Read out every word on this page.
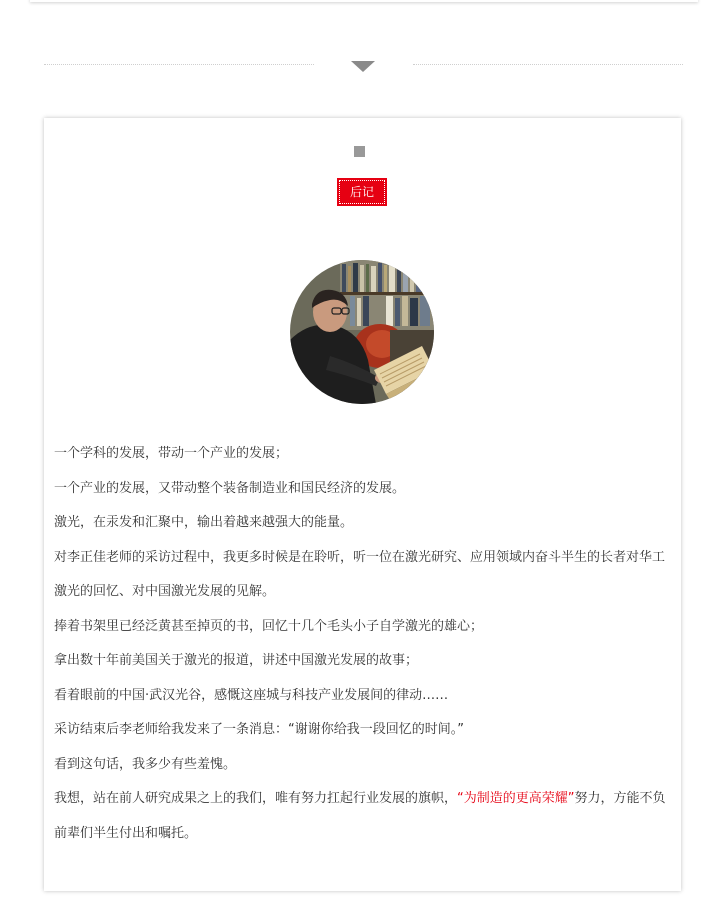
后记

一个学科的发展，带动一个产业的发展；

一个产业的发展，又带动整个装备制造业和国民经济的发展。

激光，在汞发和汇聚中，输出着越来越强大的能量。

对李正佳老师的采访过程中，我更多时候是在聆听，听一位在激光研究、应用领域内奋斗半生的长者对华工激光的回忆、对中国激光发展的见解。

捧着书架里已经泛黄甚至掉页的书，回忆十几个毛头小子自学激光的雄心；

拿出数十年前美国关于激光的报道，讲述中国激光发展的故事；

看着眼前的中国·武汉光谷，感慨这座城与科技产业发展间的律动……

采访结束后李老师给我发来了一条消息：“谢谢你给我一段回忆的时间。”

看到这句话，我多少有些羞愧。

我想，站在前人研究成果之上的我们，唯有努力扛起行业发展的旗帜，“为制造的更高荣耀”努力，方能不负前辈们半生付出和嘱托。
